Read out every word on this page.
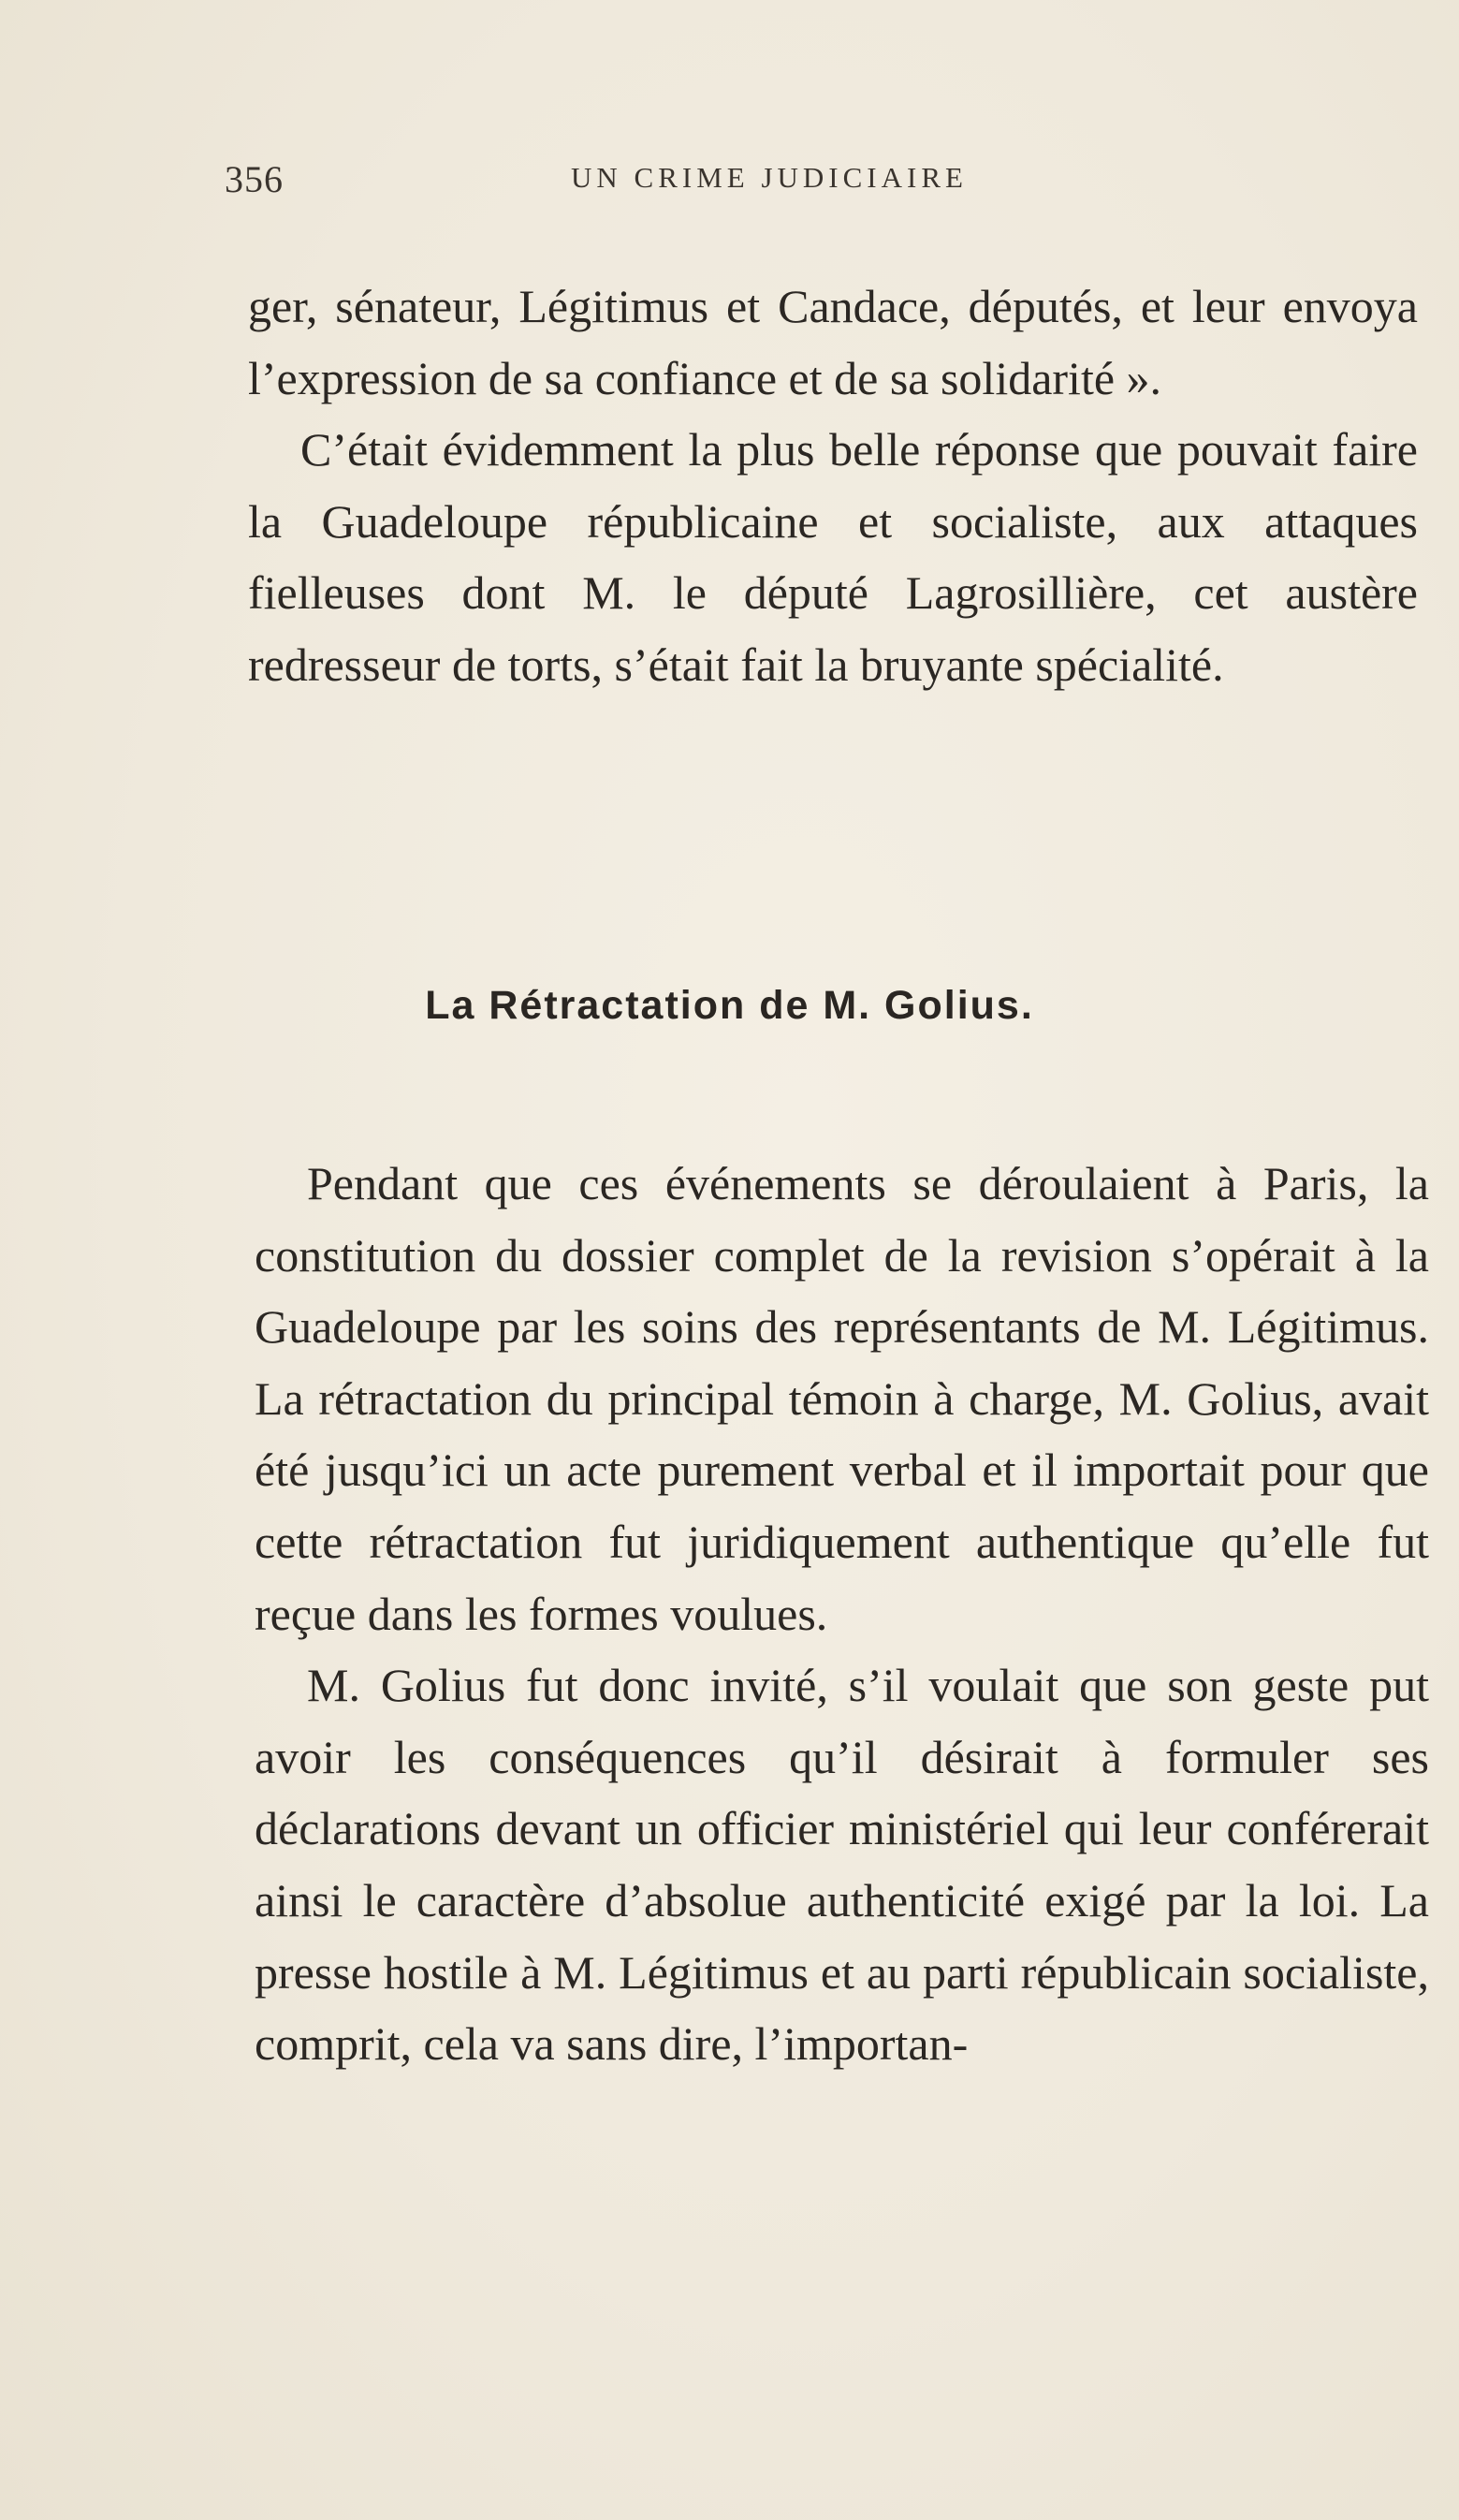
356	UN CRIME JUDICIAIRE

ger, sénateur, Légitimus et Candace, députés, et leur envoya l’expression de sa confiance et de sa solidarité ».

C’était évidemment la plus belle réponse que pouvait faire la Guadeloupe républicaine et socialiste, aux attaques fielleuses dont M. le député Lagrosillière, cet austère redresseur de torts, s’était fait la bruyante spécialité.

La Rétractation de M. Golius.

Pendant que ces événements se déroulaient à Paris, la constitution du dossier complet de la revision s’opérait à la Guadeloupe par les soins des représentants de M. Légitimus. La rétractation du principal témoin à charge, M. Golius, avait été jusqu’ici un acte purement verbal et il importait pour que cette rétractation fut juridiquement authentique qu’elle fut reçue dans les formes voulues.

M. Golius fut donc invité, s’il voulait que son geste put avoir les conséquences qu’il désirait à formuler ses déclarations devant un officier ministériel qui leur conférerait ainsi le caractère d’absolue authenticité exigé par la loi. La presse hostile à M. Légitimus et au parti républicain socialiste, comprit, cela va sans dire, l’importan-
